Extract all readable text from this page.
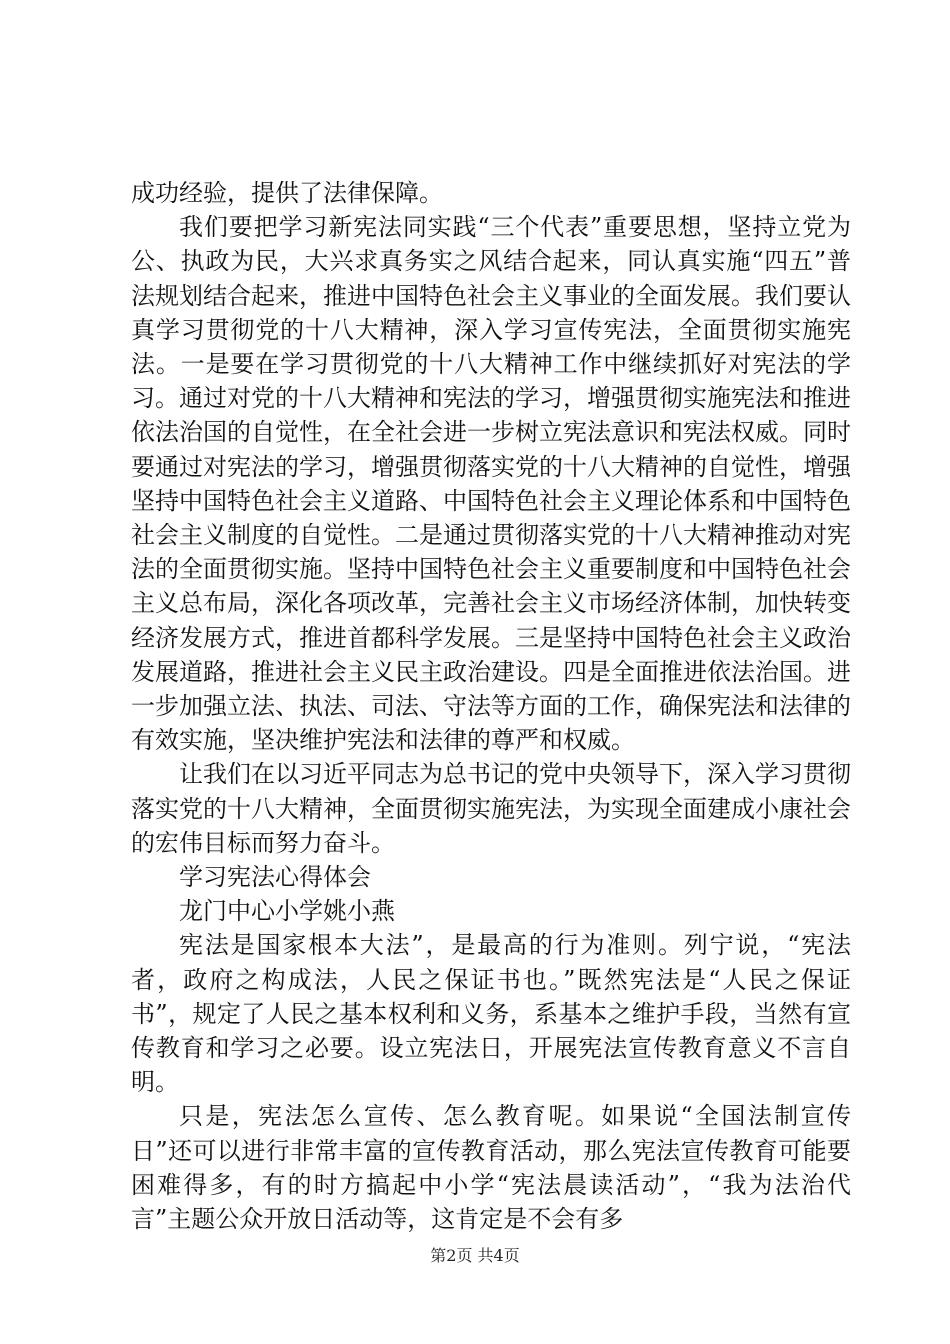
成功经验，提供了法律保障。

我们要把学习新宪法同实践“三个代表”重要思想，坚持立党为公、执政为民，大兴求真务实之风结合起来，同认真实施“四五”普法规划结合起来，推进中国特色社会主义事业的全面发展。我们要认真学习贯彻党的十八大精神，深入学习宣传宪法，全面贯彻实施宪法。一是要在学习贯彻党的十八大精神工作中继续抓好对宪法的学习。通过对党的十八大精神和宪法的学习，增强贯彻实施宪法和推进依法治国的自觉性，在全社会进一步树立宪法意识和宪法权威。同时要通过对宪法的学习，增强贯彻落实党的十八大精神的自觉性，增强坚持中国特色社会主义道路、中国特色社会主义理论体系和中国特色社会主义制度的自觉性。二是通过贯彻落实党的十八大精神推动对宪法的全面贯彻实施。坚持中国特色社会主义重要制度和中国特色社会主义总布局，深化各项改革，完善社会主义市场经济体制，加快转变经济发展方式，推进首都科学发展。三是坚持中国特色社会主义政治发展道路，推进社会主义民主政治建设。四是全面推进依法治国。进一步加强立法、执法、司法、守法等方面的工作，确保宪法和法律的有效实施，坚决维护宪法和法律的尊严和权威。

让我们在以习近平同志为总书记的党中央领导下，深入学习贯彻落实党的十八大精神，全面贯彻实施宪法，为实现全面建成小康社会的宏伟目标而努力奋斗。

学习宪法心得体会

龙门中心小学姚小燕

宪法是国家根本大法”，是最高的行为准则。列宁说，“宪法者，政府之构成法，人民之保证书也。”既然宪法是“人民之保证书”，规定了人民之基本权利和义务，系基本之维护手段，当然有宣传教育和学习之必要。设立宪法日，开展宪法宣传教育意义不言自明。

只是，宪法怎么宣传、怎么教育呢。如果说“全国法制宣传日”还可以进行非常丰富的宣传教育活动，那么宪法宣传教育可能要困难得多，有的时方搞起中小学“宪法晨读活动”，“我为法治代言”主题公众开放日活动等，这肯定是不会有多

第2页 共4页
